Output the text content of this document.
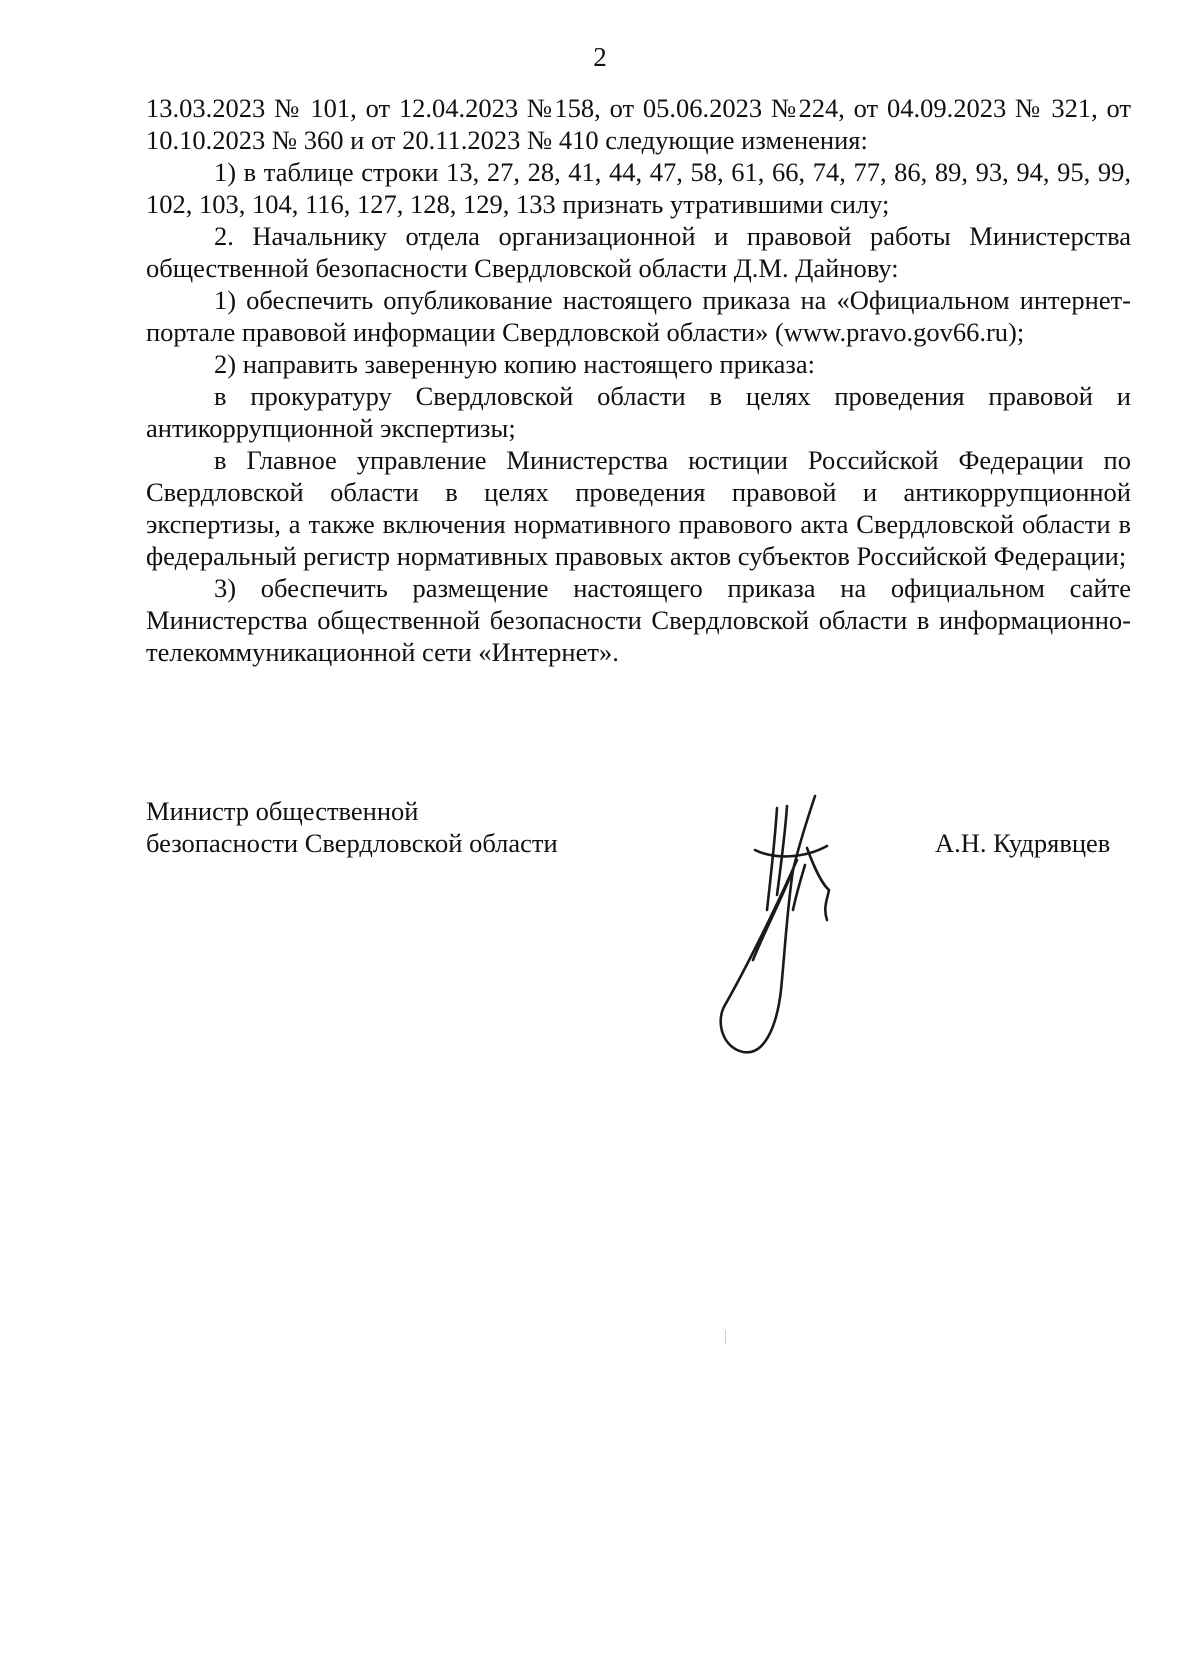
2

13.03.2023 № 101, от 12.04.2023 №158, от 05.06.2023 №224, от 04.09.2023 № 321, от 10.10.2023 № 360 и от 20.11.2023 № 410 следующие изменения:

1) в таблице строки 13, 27, 28, 41, 44, 47, 58, 61, 66, 74, 77, 86, 89, 93, 94, 95, 99, 102, 103, 104, 116, 127, 128, 129, 133 признать утратившими силу;

2. Начальнику отдела организационной и правовой работы Министерства общественной безопасности Свердловской области Д.М. Дайнову:

1) обеспечить опубликование настоящего приказа на «Официальном интернет-портале правовой информации Свердловской области» (www.pravo.gov66.ru);

2) направить заверенную копию настоящего приказа:

в прокуратуру Свердловской области в целях проведения правовой и антикоррупционной экспертизы;

в Главное управление Министерства юстиции Российской Федерации по Свердловской области в целях проведения правовой и антикоррупционной экспертизы, а также включения нормативного правового акта Свердловской области в федеральный регистр нормативных правовых актов субъектов Российской Федерации;

3) обеспечить размещение настоящего приказа на официальном сайте Министерства общественной безопасности Свердловской области в информационно-телекоммуникационной сети «Интернет».

Министр общественной
безопасности Свердловской области	А.Н. Кудрявцев
